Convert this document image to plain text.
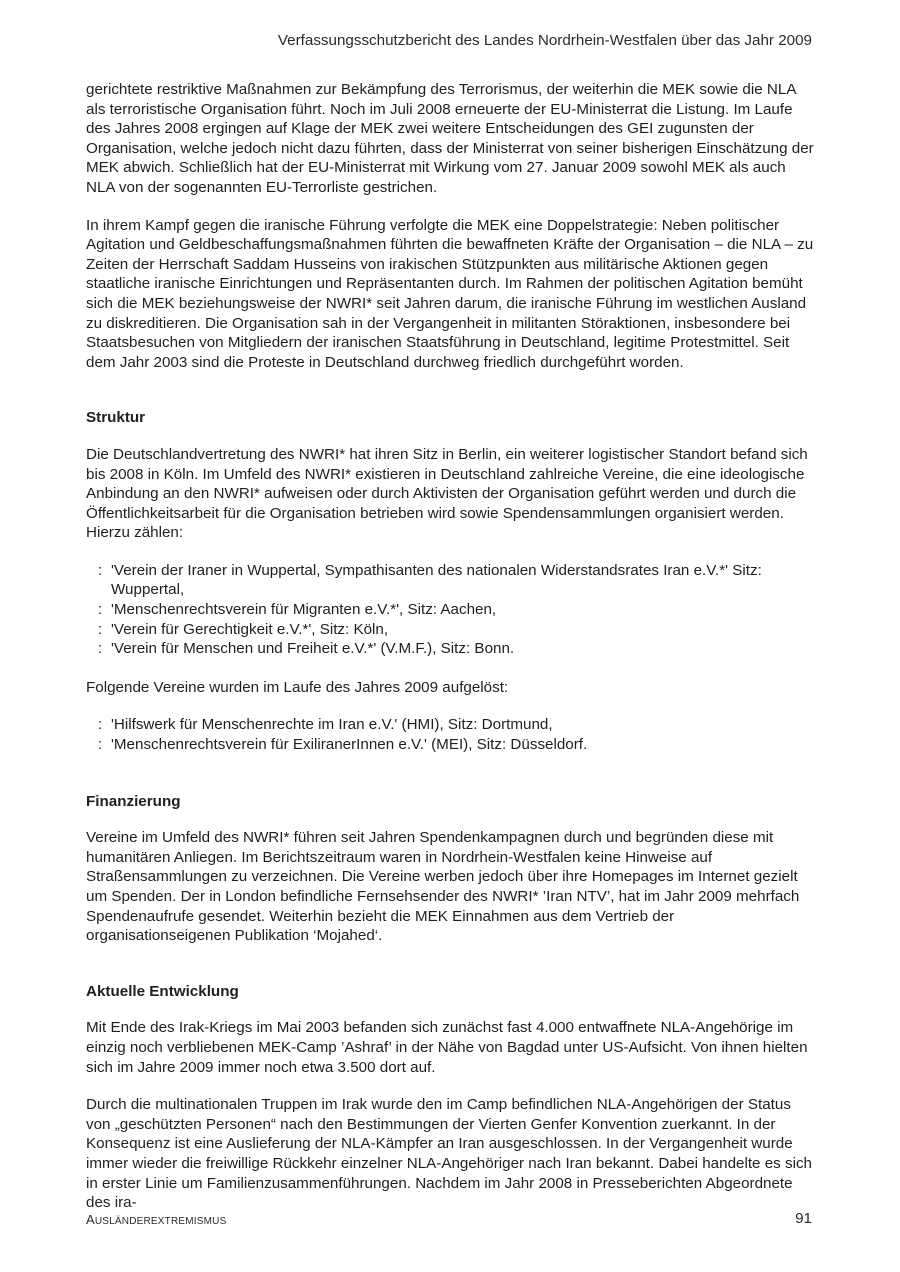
Verfassungsschutzbericht des Landes Nordrhein-Westfalen über das Jahr 2009

gerichtete restriktive Maßnahmen zur Bekämpfung des Terrorismus, der weiterhin die MEK sowie die NLA als terroristische Organisation führt. Noch im Juli 2008 erneuerte der EU-Ministerrat die Listung. Im Laufe des Jahres 2008 ergingen auf Klage der MEK zwei weitere Entscheidungen des GEI zugunsten der Organisation, welche jedoch nicht dazu führten, dass der Ministerrat von seiner bisherigen Einschätzung der MEK abwich. Schließlich hat der EU-Ministerrat mit Wirkung vom 27. Januar 2009 sowohl MEK als auch NLA von der sogenannten EU-Terrorliste gestrichen.

In ihrem Kampf gegen die iranische Führung verfolgte die MEK eine Doppelstrategie: Neben politischer Agitation und Geldbeschaffungsmaßnahmen führten die bewaffneten Kräfte der Organisation – die NLA – zu Zeiten der Herrschaft Saddam Husseins von irakischen Stützpunkten aus militärische Aktionen gegen staatliche iranische Einrichtungen und Repräsentanten durch. Im Rahmen der politischen Agitation bemüht sich die MEK beziehungsweise der NWRI* seit Jahren darum, die iranische Führung im westlichen Ausland zu diskreditieren. Die Organisation sah in der Vergangenheit in militanten Störaktionen, insbesondere bei Staatsbesuchen von Mitgliedern der iranischen Staatsführung in Deutschland, legitime Protestmittel. Seit dem Jahr 2003 sind die Proteste in Deutschland durchweg friedlich durchgeführt worden.

Struktur

Die Deutschlandvertretung des NWRI* hat ihren Sitz in Berlin, ein weiterer logistischer Standort befand sich bis 2008 in Köln. Im Umfeld des NWRI* existieren in Deutschland zahlreiche Vereine, die eine ideologische Anbindung an den NWRI* aufweisen oder durch Aktivisten der Organisation geführt werden und durch die Öffentlichkeitsarbeit für die Organisation betrieben wird sowie Spendensammlungen organisiert werden. Hierzu zählen:

: 'Verein der Iraner in Wuppertal, Sympathisanten des nationalen Widerstandsrates Iran e.V.*' Sitz: Wuppertal,
: 'Menschenrechtsverein für Migranten e.V.*', Sitz: Aachen,
: 'Verein für Gerechtigkeit e.V.*', Sitz: Köln,
: 'Verein für Menschen und Freiheit e.V.*' (V.M.F.), Sitz: Bonn.

Folgende Vereine wurden im Laufe des Jahres 2009 aufgelöst:

: 'Hilfswerk für Menschenrechte im Iran e.V.' (HMI), Sitz: Dortmund,
: 'Menschenrechtsverein für ExiliranerInnen e.V.' (MEI), Sitz: Düsseldorf.
Finanzierung

Vereine im Umfeld des NWRI* führen seit Jahren Spendenkampagnen durch und begründen diese mit humanitären Anliegen. Im Berichtszeitraum waren in Nordrhein-Westfalen keine Hinweise auf Straßensammlungen zu verzeichnen. Die Vereine werben jedoch über ihre Homepages im Internet gezielt um Spenden. Der in London befindliche Fernsehsender des NWRI* ’Iran NTV’, hat im Jahr 2009 mehrfach Spendenaufrufe gesendet. Weiterhin bezieht die MEK Einnahmen aus dem Vertrieb der organisationseigenen Publikation ‘Mojahed‘.

Aktuelle Entwicklung

Mit Ende des Irak-Kriegs im Mai 2003 befanden sich zunächst fast 4.000 entwaffnete NLA-Angehörige im einzig noch verbliebenen MEK-Camp ’Ashraf’ in der Nähe von Bagdad unter US-Aufsicht. Von ihnen hielten sich im Jahre 2009 immer noch etwa 3.500 dort auf.

Durch die multinationalen Truppen im Irak wurde den im Camp befindlichen NLA-Angehörigen der Status von „geschützten Personen“ nach den Bestimmungen der Vierten Genfer Konvention zuerkannt. In der Konsequenz ist eine Auslieferung der NLA-Kämpfer an Iran ausgeschlossen. In der Vergangenheit wurde immer wieder die freiwillige Rückkehr einzelner NLA-Angehöriger nach Iran bekannt. Dabei handelte es sich in erster Linie um Familienzusammenführungen. Nachdem im Jahr 2008 in Presseberichten Abgeordnete des ira-

AUSLÄNDEREXTREMISMUS	91
